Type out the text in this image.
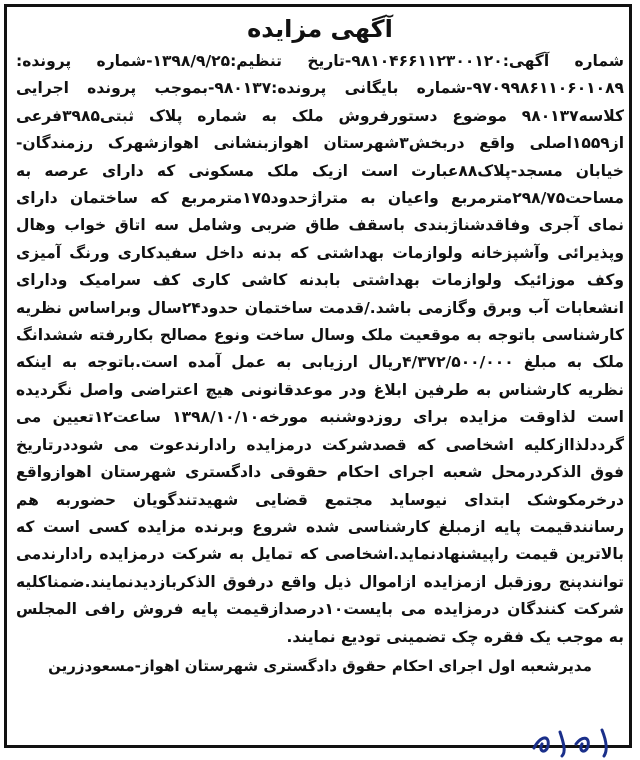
آگهی مزایده

شماره آگهی:۹۸۱۰۴۶۶۱۱۲۳۰۰۱۲۰-تاریخ تنظیم:۱۳۹۸/۹/۲۵-شماره پرونده: ۹۷۰۹۹۸۶۱۱۰۶۰۱۰۸۹-شماره بایگانی پرونده:۹۸۰۱۳۷-بموجب پرونده اجرایی کلاسه۹۸۰۱۳۷ موضوع دستورفروش ملک به شماره پلاک ثبتی۳۹۸۵فرعی از۱۵۵۹اصلی واقع دربخش۳شهرستان اهوازبنشانی اهوازشهرک رزمندگان- خیابان مسجد-پلاک۸۸عبارت است ازیک ملک مسکونی که دارای عرصه به مساحت۲۹۸/۷۵مترمربع واعیان به متراژحدود۱۷۵مترمربع که ساختمان دارای نمای آجری وفاقدشناژبندی باسقف طاق ضربی وشامل سه اتاق خواب وهال وپذیرائی وآشپزخانه ولوازمات بهداشتی که بدنه داخل سفیدکاری ورنگ آمیزی وکف موزائیک ولوازمات بهداشتی بابدنه کاشی کاری کف سرامیک ودارای انشعابات آب وبرق وگازمی باشد./قدمت ساختمان حدود۲۴سال وبراساس نظریه کارشناسی باتوجه به موقعیت ملک وسال ساخت ونوع مصالح بکاررفته ششدانگ ملک به مبلغ ۴/۳۷۲/۵۰۰/۰۰۰ریال ارزیابی به عمل آمده است.باتوجه به اینکه نظریه کارشناس به طرفین ابلاغ ودر موعدقانونی هیچ اعتراضی واصل نگردیده است لذاوقت مزایده برای روزدوشنبه مورخه۱۳۹۸/۱۰/۱۰ ساعت۱۲تعیین می گرددلذاازکلیه اشخاصی که قصدشرکت درمزایده رادارندعوت می شوددرتاریخ فوق الذکردرمحل شعبه اجرای احکام حقوقی دادگستری شهرستان اهوازواقع درخرمکوشک ابتدای نیوساید مجتمع قضایی شهیدتندگویان حضوربه هم رسانندقیمت پایه ازمبلغ کارشناسی شده شروع وبرنده مزایده کسی است که بالاترین قیمت راپیشنهادنماید.اشخاصی که تمایل به شرکت درمزایده رادارندمی توانندپنج روزقبل ازمزایده ازاموال ذیل واقع درفوق الذکربازدیدنمایند.ضمناکلیه شرکت کنندگان درمزایده می بایست۱۰درصدازقیمت پایه فروش رافی المجلس به موجب یک فقره چک تضمینی تودیع نمایند.

مدیرشعبه اول اجرای احکام حقوق دادگستری شهرستان اهواز-مسعودزرین
